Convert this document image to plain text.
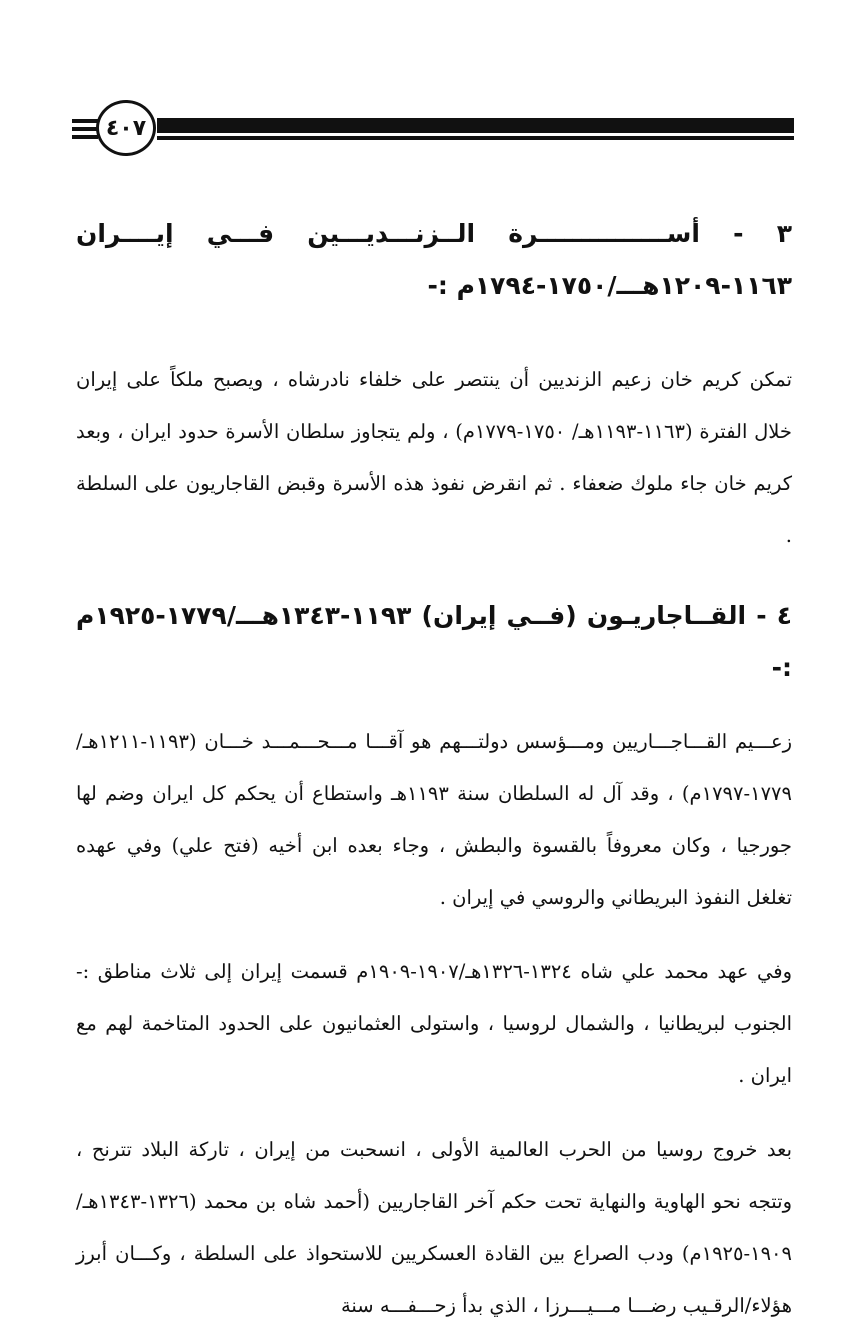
٤٠٧
٣ - أســـــــــــــــرة الــزنـــديـــين فـــي إيــــران ١١٦٣-١٢٠٩هـــ/١٧٥٠-١٧٩٤م :-

تمكن كريم خان زعيم الزنديين أن ينتصر على خلفاء نادرشاه ، ويصبح ملكاً على إيران خلال الفترة (١١٦٣-١١٩٣هـ/ ١٧٥٠-١٧٧٩م) ، ولم يتجاوز سلطان الأسرة حدود ايران ، وبعد كريم خان جاء ملوك ضعفاء . ثم انقرض نفوذ هذه الأسرة وقبض القاجاريون على السلطة .

٤ - القــاجاريـون (فــي إيران) ١١٩٣-١٣٤٣هـــ/١٧٧٩-١٩٢٥م :-

زعـــيم القـــاجـــاريين ومـــؤسس دولتـــهم هو آقـــا مـــحـــمـــد خـــان (١١٩٣-١٢١١هـ/١٧٧٩-١٧٩٧م) ، وقد آل له السلطان سنة ١١٩٣هـ واستطاع أن يحكم كل ايران وضم لها جورجيا ، وكان معروفاً بالقسوة والبطش ، وجاء بعده ابن أخيه (فتح علي) وفي عهده تغلغل النفوذ البريطاني والروسي في إيران .

وفي عهد محمد علي شاه ١٣٢٤-١٣٢٦هـ/١٩٠٧-١٩٠٩م قسمت إيران إلى ثلاث مناطق :- الجنوب لبريطانيا ، والشمال لروسيا ، واستولى العثمانيون على الحدود المتاخمة لهم مع ايران .

بعد خروج روسيا من الحرب العالمية الأولى ، انسحبت من إيران ، تاركة البلاد تترنح ، وتتجه نحو الهاوية والنهاية تحت حكم آخر القاجاريين (أحمد شاه بن محمد (١٣٢٦-١٣٤٣هـ/١٩٠٩-١٩٢٥م) ودب الصراع بين القادة العسكريين للاستحواذ على السلطة ، وكـــان أبرز هؤلاء/الرقـيب رضـــا مـــيـــرزا ، الذي بدأ زحـــفـــه سنة
